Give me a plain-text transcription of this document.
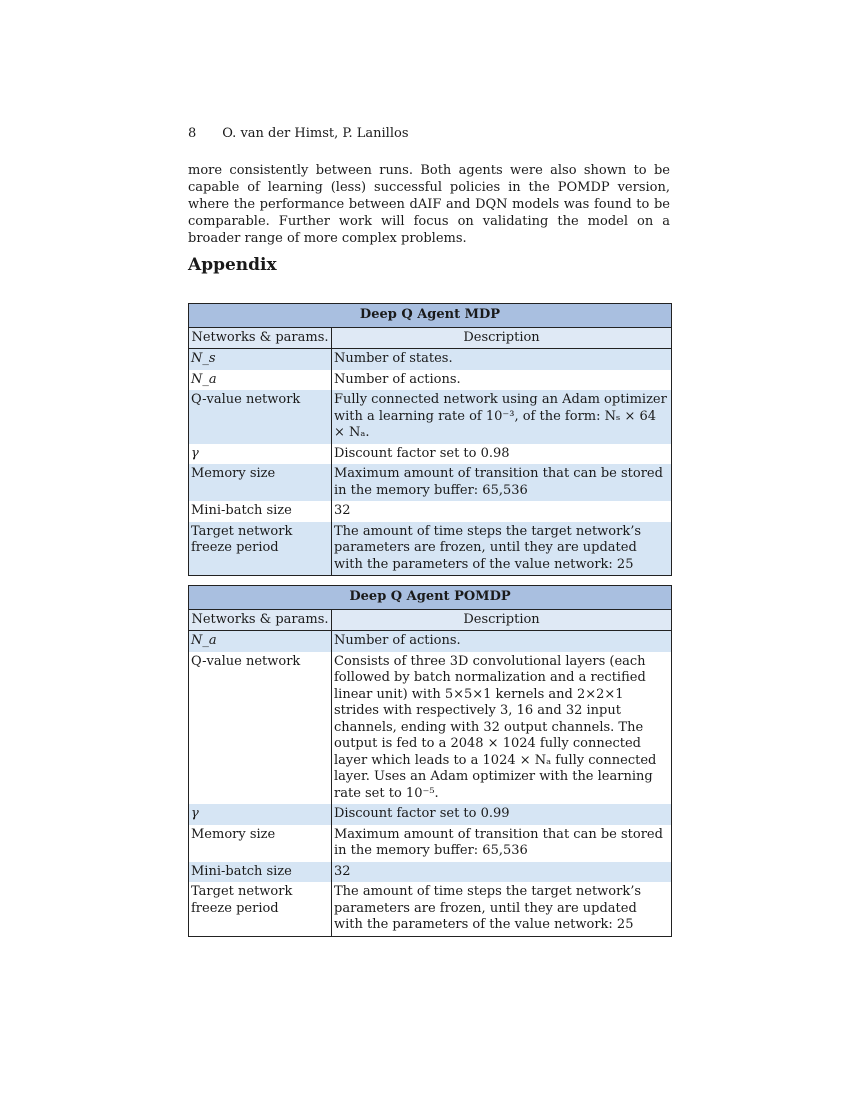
8 O. van der Himst, P. Lanillos

more consistently between runs. Both agents were also shown to be capable of learning (less) successful policies in the POMDP version, where the performance between dAIF and DQN models was found to be comparable. Further work will focus on validating the model on a broader range of more complex problems.

Appendix
Deep Q Agent MDP	
Networks & params.	Description
N_s	Number of states.
N_a	Number of actions.
Q-value network	Fully connected network using an Adam optimizer with a learning rate of 10⁻³, of the form: Nₛ × 64 × Nₐ.
γ	Discount factor set to 0.98
Memory size	Maximum amount of transition that can be stored in the memory buffer: 65,536
Mini-batch size	32
Target network freeze period	The amount of time steps the target network’s parameters are frozen, until they are updated with the parameters of the value network: 25
Deep Q Agent POMDP	
Networks & params.	Description
N_a	Number of actions.
Q-value network	Consists of three 3D convolutional layers (each followed by batch normalization and a rectified linear unit) with 5×5×1 kernels and 2×2×1 strides with respectively 3, 16 and 32 input channels, ending with 32 output channels. The output is fed to a 2048 × 1024 fully connected layer which leads to a 1024 × Nₐ fully connected layer. Uses an Adam optimizer with the learning rate set to 10⁻⁵.
γ	Discount factor set to 0.99
Memory size	Maximum amount of transition that can be stored in the memory buffer: 65,536
Mini-batch size	32
Target network freeze period	The amount of time steps the target network’s parameters are frozen, until they are updated with the parameters of the value network: 25
